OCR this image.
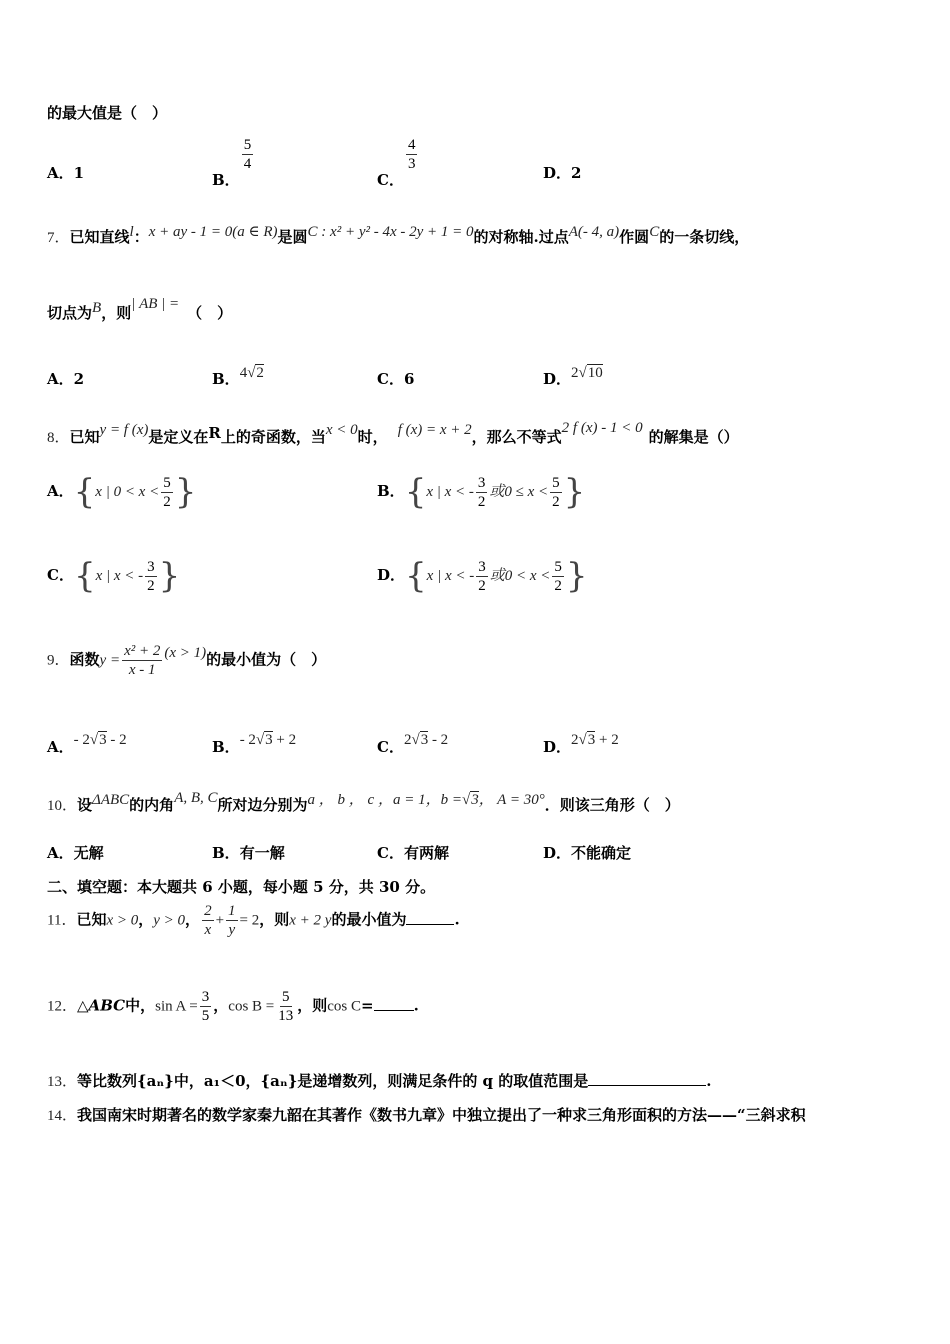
的最大值是（　）
A．1	B．
$\frac{5}{4}$
C．
$\frac{4}{3}$	D．2
7．已知直线l：x + ay - 1 = 0(a ∈ R)是圆C : x² + y² - 4x - 2y + 1 = 0的对称轴.过点A(- 4, a)作圆C的一条切线，
切点为B，则| AB | = （　）
A．2	B．4√2	C．6	D．2√10
8．已知y = f (x)是定义在R上的奇函数，当x < 0时， f (x) = x + 2，那么不等式2 f (x) - 1 < 0 的解集是（）
A．{x | $0 < x < \frac{5}{2}$ }	B．{x | x < - $\frac{3}{2}$ 或$0 \le x < \frac{5}{2}$ }
C．{x | x < - $\frac{3}{2}$ }	D．{x | x < - $\frac{3}{2}$ 或$0 < x < \frac{5}{2}$ }
9．函数$y = \frac{\text{x² + 2}}{x - 1} (x > 1)$的最小值为（　）
A．- 2√3 - 2	B．- 2√3 + 2	C．2√3 - 2	D．2√3 + 2
10．设ΔABC的内角A, B, C所对边分别为a ， b ， c ，a = 1，b =√3， A = 30°．则该三角形（　）
A．无解	B．有一解	C．有两解	D．不能确定
二、填空题：本大题共 6 小题，每小题 5 分，共 30 分。
11．已知x > 0，y > 0， $\frac{2}{x} + \frac{1}{y} = 2$，则x + 2 y的最小值为	.
12．△ABC中，$\sin A = \frac{3}{5}$ ，$\cos B = \frac{5}{13}$ ，则cos C=	.
13．等比数列{aₙ}中，a₁＜0，{aₙ}是递增数列，则满足条件的 q 的取值范围是	.
14．我国南宋时期著名的数学家秦九韶在其著作《数书九章》中独立提出了一种求三角形面积的方法——“三斜求积
